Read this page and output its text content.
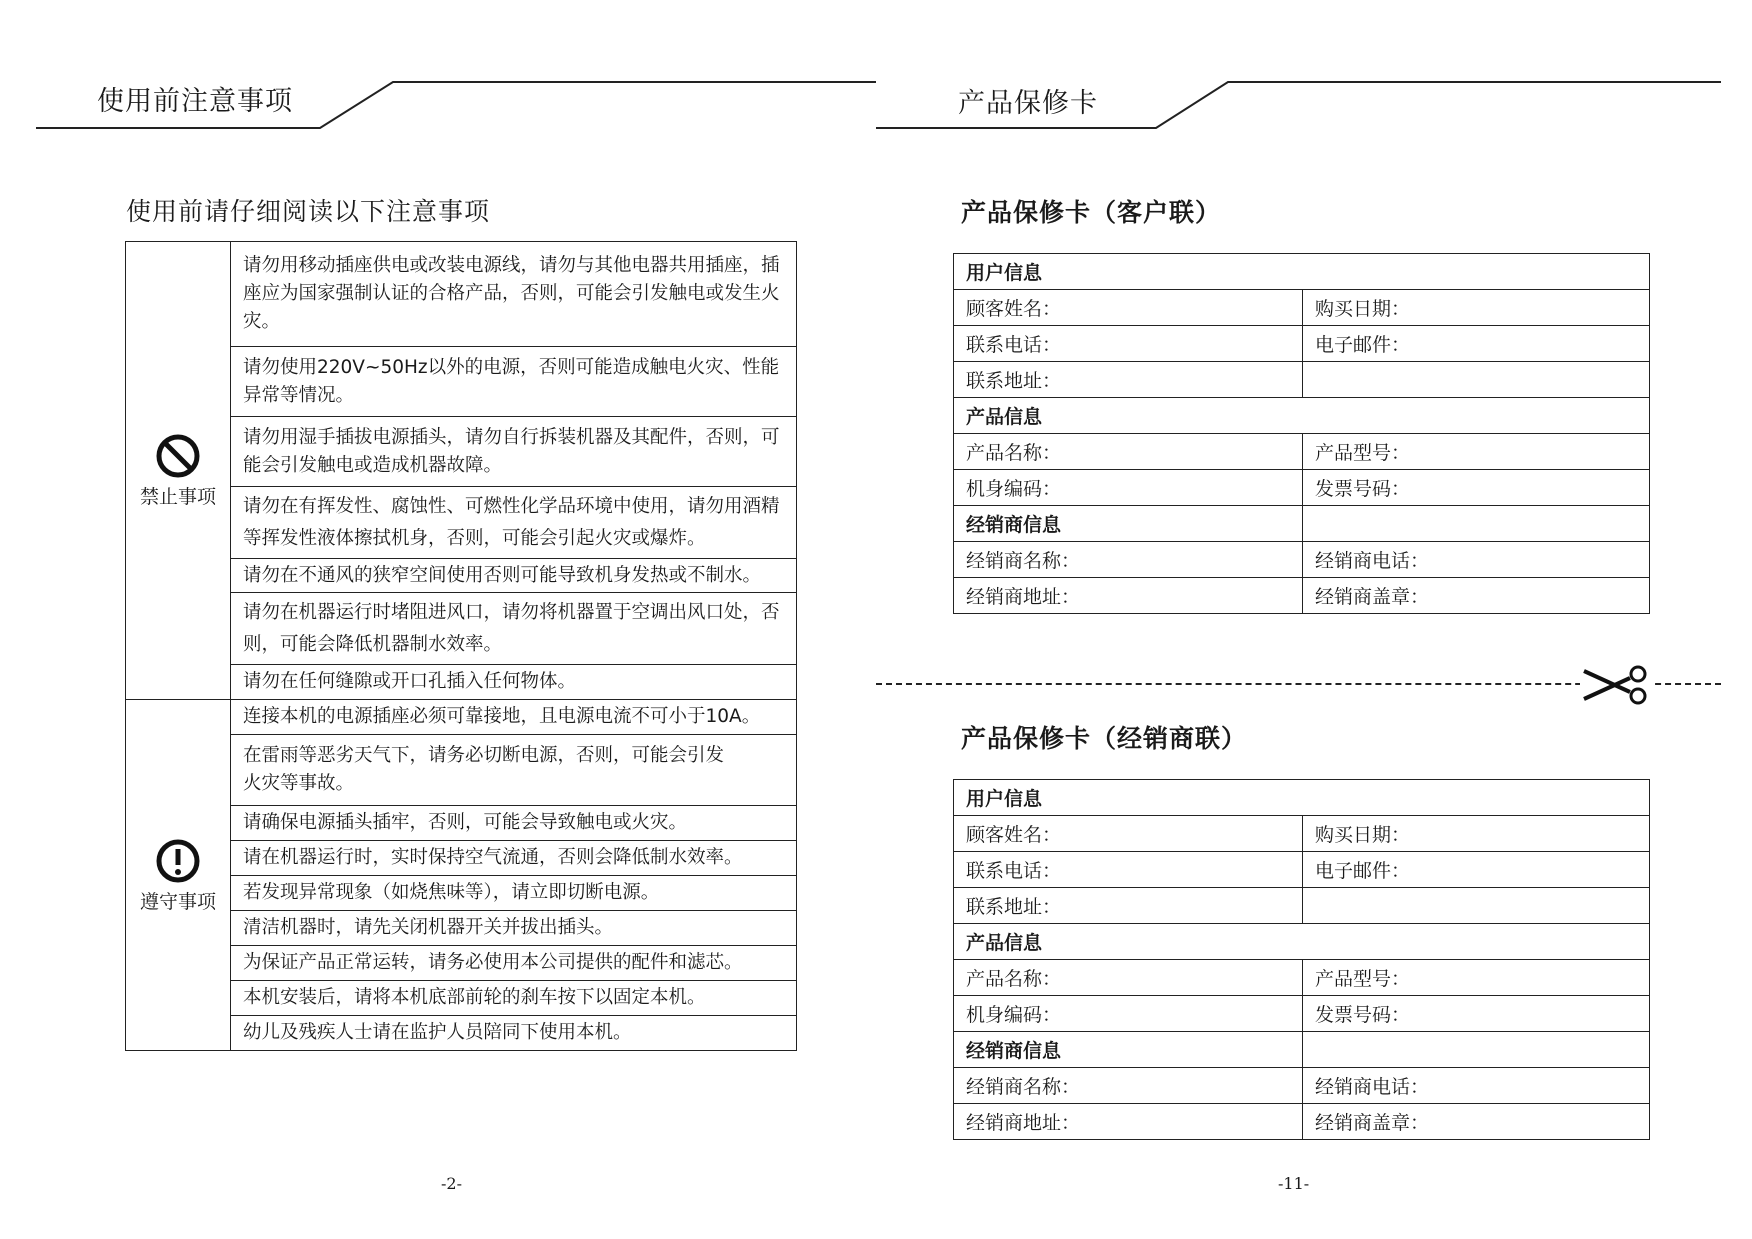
使用前注意事项
使用前请仔细阅读以下注意事项
禁止事项
请勿用移动插座供电或改装电源线，请勿与其他电器共用插座，插座应为国家强制认证的合格产品，否则，可能会引发触电或发生火灾。
请勿使用220V~50Hz以外的电源，否则可能造成触电火灾、性能异常等情况。
请勿用湿手插拔电源插头，请勿自行拆装机器及其配件，否则，可能会引发触电或造成机器故障。
请勿在有挥发性、腐蚀性、可燃性化学品环境中使用，请勿用酒精等挥发性液体擦拭机身，否则，可能会引起火灾或爆炸。
请勿在不通风的狭窄空间使用否则可能导致机身发热或不制水。
请勿在机器运行时堵阻进风口，请勿将机器置于空调出风口处，否则，可能会降低机器制水效率。
请勿在任何缝隙或开口孔插入任何物体。
遵守事项
连接本机的电源插座必须可靠接地，且电源电流不可小于10A。
在雷雨等恶劣天气下，请务必切断电源，否则，可能会引发火灾等事故。
请确保电源插头插牢，否则，可能会导致触电或火灾。
请在机器运行时，实时保持空气流通，否则会降低制水效率。
若发现异常现象（如烧焦味等），请立即切断电源。
清洁机器时，请先关闭机器开关并拔出插头。
为保证产品正常运转，请务必使用本公司提供的配件和滤芯。
本机安装后，请将本机底部前轮的刹车按下以固定本机。
幼儿及残疾人士请在监护人员陪同下使用本机。
-2-
产品保修卡
产品保修卡（客户联）
用户信息	
顾客姓名：	购买日期：
联系电话：	电子邮件：
联系地址：	
产品信息	
产品名称：	产品型号：
机身编码：	发票号码：
经销商信息	
经销商名称：	经销商电话：
经销商地址：	经销商盖章：
产品保修卡（经销商联）
用户信息	
顾客姓名：	购买日期：
联系电话：	电子邮件：
联系地址：	
产品信息	
产品名称：	产品型号：
机身编码：	发票号码：
经销商信息	
经销商名称：	经销商电话：
经销商地址：	经销商盖章：
-11-
